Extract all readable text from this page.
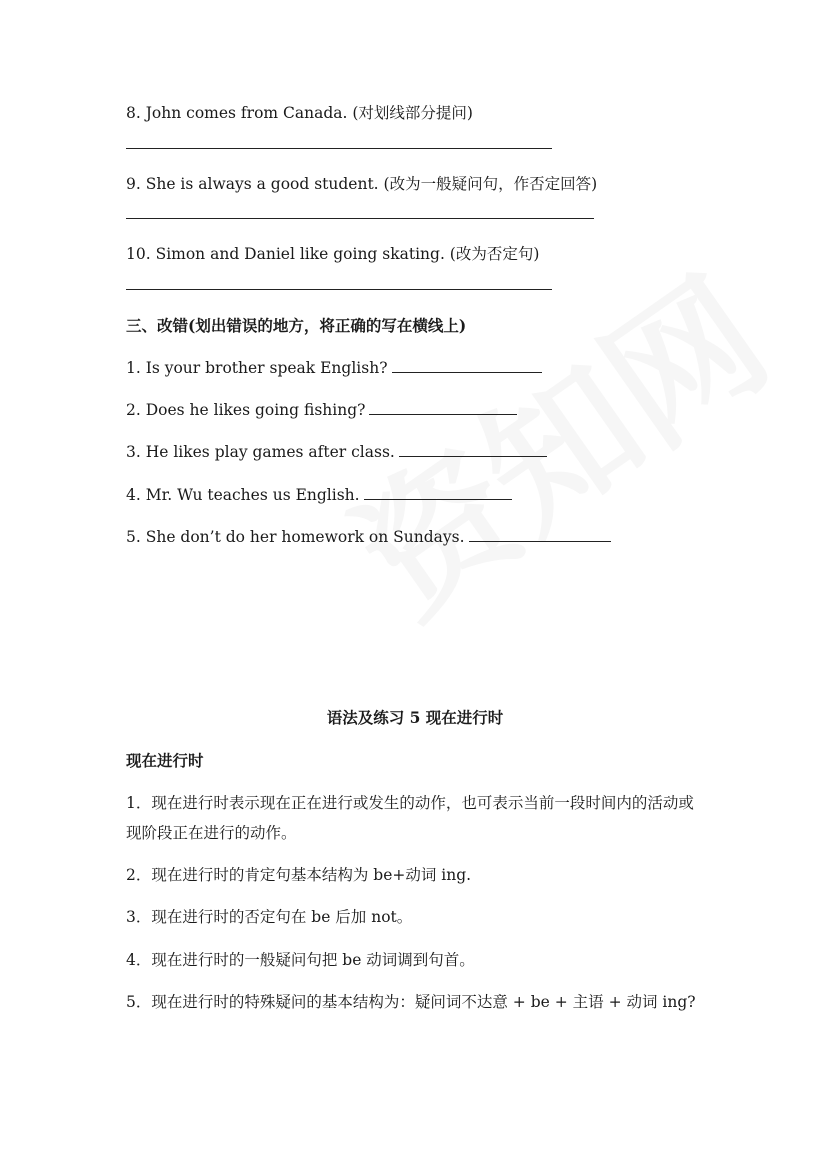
8. John comes from Canada. (对划线部分提问)
9. She is always a good student. (改为一般疑问句，作否定回答)
10. Simon and Daniel like going skating. (改为否定句)
三、改错(划出错误的地方，将正确的写在横线上)
1. Is your brother speak English?
2. Does he likes going fishing?
3. He likes play games after class.
4. Mr. Wu teaches us English.
5. She don’t do her homework on Sundays.
语法及练习 5 现在进行时
现在进行时
1．现在进行时表示现在正在进行或发生的动作，也可表示当前一段时间内的活动或现阶段正在进行的动作。
2．现在进行时的肯定句基本结构为 be+动词 ing.
3．现在进行时的否定句在 be 后加 not。
4．现在进行时的一般疑问句把 be 动词调到句首。
5．现在进行时的特殊疑问的基本结构为：疑问词不达意 + be + 主语 + 动词 ing?
